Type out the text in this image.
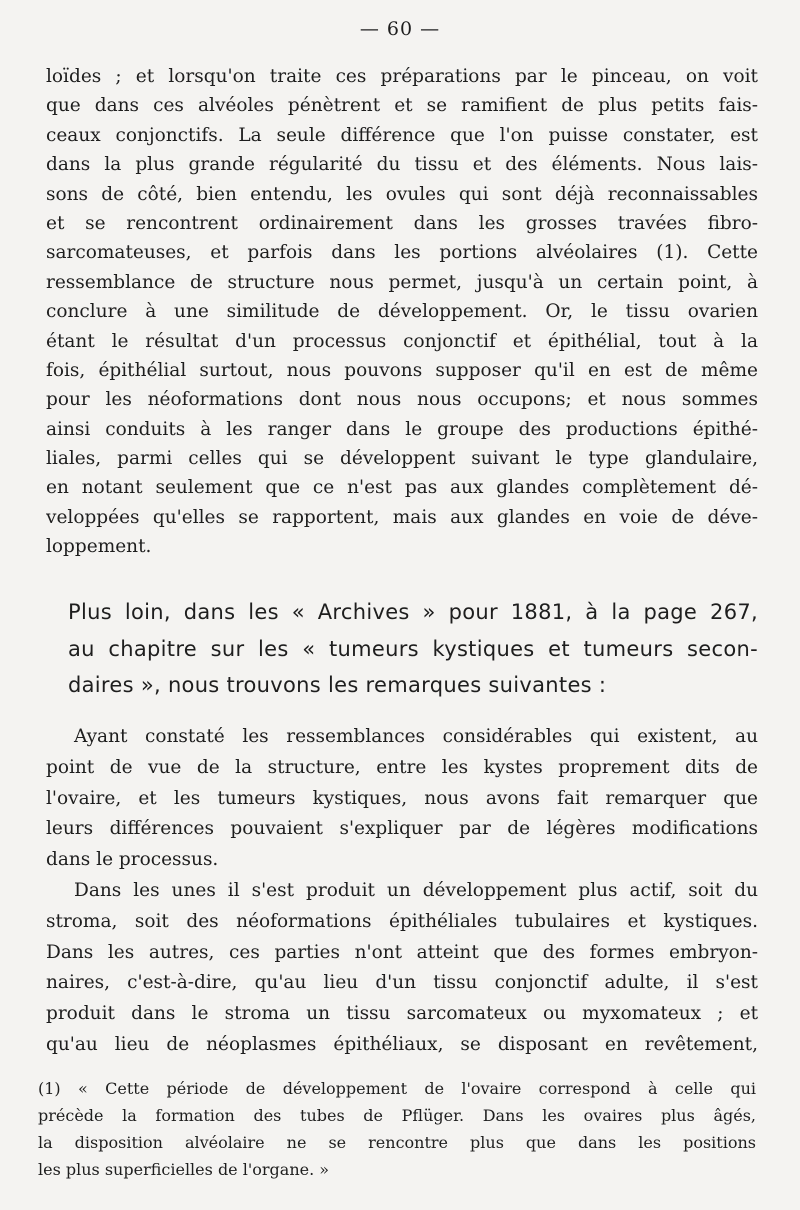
— 60 —
loïdes ; et lorsqu'on traite ces préparations par le pinceau, on voit
que dans ces alvéoles pénètrent et se ramifient de plus petits fais-
ceaux conjonctifs. La seule différence que l'on puisse constater, est
dans la plus grande régularité du tissu et des éléments. Nous lais-
sons de côté, bien entendu, les ovules qui sont déjà reconnaissables
et se rencontrent ordinairement dans les grosses travées fibro-
sarcomateuses, et parfois dans les portions alvéolaires (1). Cette
ressemblance de structure nous permet, jusqu'à un certain point, à
conclure à une similitude de développement. Or, le tissu ovarien
étant le résultat d'un processus conjonctif et épithélial, tout à la
fois, épithélial surtout, nous pouvons supposer qu'il en est de même
pour les néoformations dont nous nous occupons; et nous sommes
ainsi conduits à les ranger dans le groupe des productions épithé-
liales, parmi celles qui se développent suivant le type glandulaire,
en notant seulement que ce n'est pas aux glandes complètement dé-
veloppées qu'elles se rapportent, mais aux glandes en voie de déve-
loppement.
Plus loin, dans les « Archives » pour 1881, à la page 267,
au chapitre sur les « tumeurs kystiques et tumeurs secon-
daires », nous trouvons les remarques suivantes :
Ayant constaté les ressemblances considérables qui existent, au
point de vue de la structure, entre les kystes proprement dits de
l'ovaire, et les tumeurs kystiques, nous avons fait remarquer que
leurs différences pouvaient s'expliquer par de légères modifications
dans le processus.
Dans les unes il s'est produit un développement plus actif, soit du
stroma, soit des néoformations épithéliales tubulaires et kystiques.
Dans les autres, ces parties n'ont atteint que des formes embryon-
naires, c'est-à-dire, qu'au lieu d'un tissu conjonctif adulte, il s'est
produit dans le stroma un tissu sarcomateux ou myxomateux ; et
qu'au lieu de néoplasmes épithéliaux, se disposant en revêtement,
(1) « Cette période de développement de l'ovaire correspond à celle qui
précède la formation des tubes de Pflüger. Dans les ovaires plus âgés,
la disposition alvéolaire ne se rencontre plus que dans les positions
les plus superficielles de l'organe. »
